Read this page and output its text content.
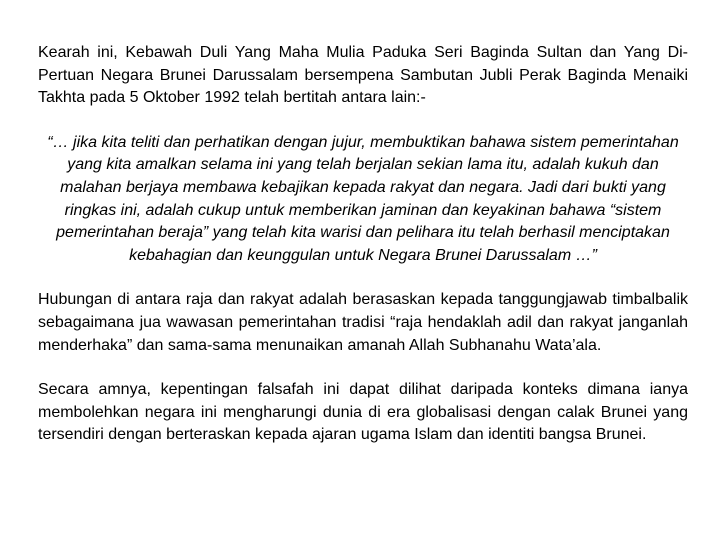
Kearah ini, Kebawah Duli Yang Maha Mulia Paduka Seri Baginda Sultan dan Yang Di-Pertuan Negara Brunei Darussalam bersempena Sambutan Jubli Perak Baginda Menaiki Takhta pada 5 Oktober 1992 telah bertitah antara lain:-

“… jika kita teliti dan perhatikan dengan jujur, membuktikan bahawa sistem pemerintahan yang kita amalkan selama ini yang telah berjalan sekian lama itu, adalah kukuh dan malahan berjaya membawa kebajikan kepada rakyat dan negara. Jadi dari bukti yang ringkas ini, adalah cukup untuk memberikan jaminan dan keyakinan bahawa “sistem pemerintahan beraja” yang telah kita warisi dan pelihara itu telah berhasil menciptakan kebahagian dan keunggulan untuk Negara Brunei Darussalam …”

Hubungan di antara raja dan rakyat adalah berasaskan kepada tanggungjawab timbalbalik sebagaimana jua wawasan pemerintahan tradisi “raja hendaklah adil dan rakyat janganlah menderhaka” dan sama-sama menunaikan amanah Allah Subhanahu Wata’ala.

Secara amnya, kepentingan falsafah ini dapat dilihat daripada konteks dimana ianya membolehkan negara ini mengharungi dunia di era globalisasi dengan calak Brunei yang tersendiri dengan berteraskan kepada ajaran ugama Islam dan identiti bangsa Brunei.
